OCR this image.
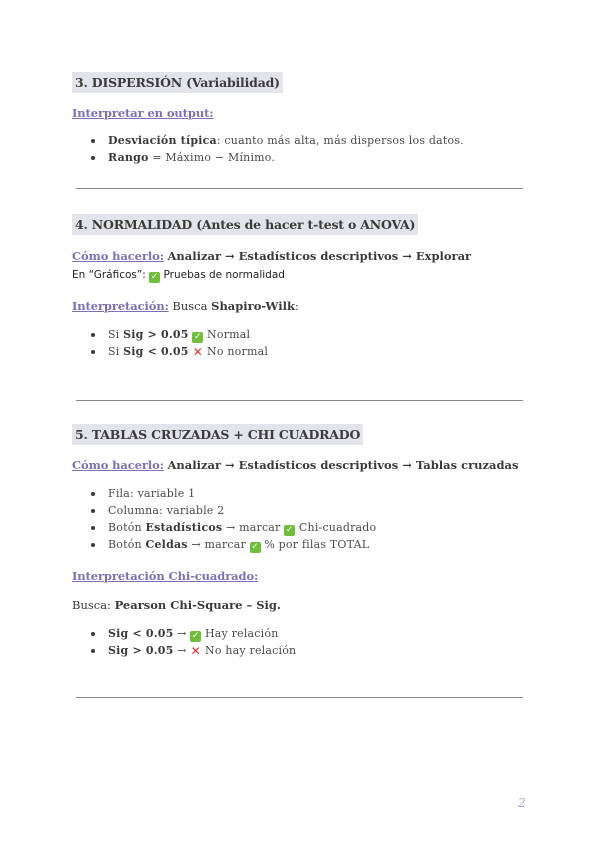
3. DISPERSIÓN (Variabilidad)
Interpretar en output:
Desviación típica: cuanto más alta, más dispersos los datos.
Rango = Máximo − Mínimo.
4. NORMALIDAD (Antes de hacer t-test o ANOVA)
Cómo hacerlo: Analizar → Estadísticos descriptivos → Explorar
En “Gráficos”: ✓ Pruebas de normalidad
Interpretación: Busca Shapiro-Wilk:
Si Sig > 0.05 ✓ Normal
Si Sig < 0.05 ✕ No normal
5. TABLAS CRUZADAS + CHI CUADRADO
Cómo hacerlo: Analizar → Estadísticos descriptivos → Tablas cruzadas
Fila: variable 1
Columna: variable 2
Botón Estadísticos → marcar ✓ Chi-cuadrado
Botón Celdas → marcar ✓ % por filas TOTAL
Interpretación Chi-cuadrado:
Busca: Pearson Chi-Square – Sig.
Sig < 0.05 → ✓ Hay relación
Sig > 0.05 → ✕ No hay relación
2
